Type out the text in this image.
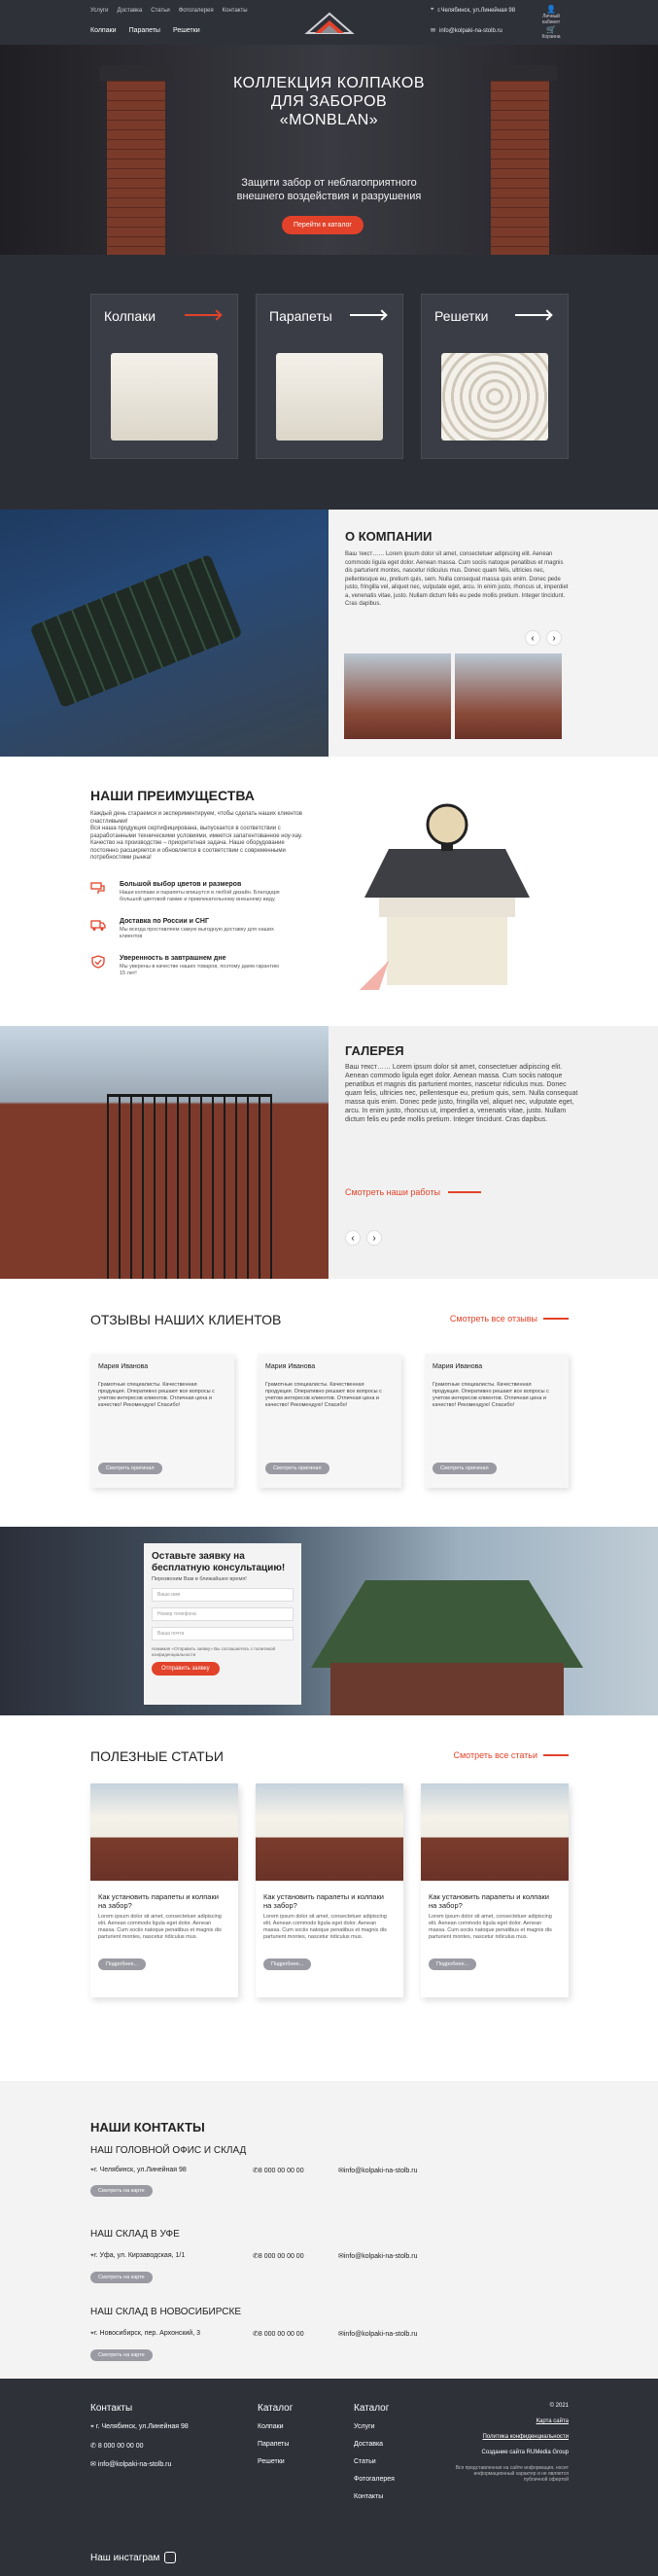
Услуги Доставка Статьи Фотогалерея Контакты
Колпаки Парапеты Решетки
⌖ г.Челябинск, ул.Линейная 98
✉ info@kolpaki-na-stolb.ru
👤
Личный кабинет
🛒
Корзина
КОЛЛЕКЦИЯ КОЛПАКОВ
ДЛЯ ЗАБОРОВ
«MONBLAN»
Защити забор от неблагоприятного
внешнего воздействия и разрушения
Перейти в каталог
Колпаки	Парапеты	Решетки
О КОМПАНИИ
Ваш текст…… Lorem ipsum dolor sit amet, consectetuer adipiscing elit. Aenean commodo ligula eget dolor. Aenean massa. Cum sociis natoque penatibus et magnis dis parturient montes, nascetur ridiculus mus. Donec quam felis, ultricies nec, pellentesque eu, pretium quis, sem. Nulla consequat massa quis enim. Donec pede justo, fringilla vel, aliquet nec, vulputate eget, arcu. In enim justo, rhoncus ut, imperdiet a, venenatis vitae, justo. Nullam dictum felis eu pede mollis pretium. Integer tincidunt. Cras dapibus.
‹	›
НАШИ ПРЕИМУЩЕСТВА
Каждый день стараемся и экспериментируем, чтобы сделать наших клиентов счастливыми!
Вся наша продукция сертифицирована, выпускается в соответствии с разработанными техническими условиями, имеется запатентованное ноу-хау. Качество на производстве – приоритетная задача. Наше оборудование постоянно расширяется и обновляется в соответствии с современными потребностями рынка!
Большой выбор цветов и размеров
Наши колпаки и парапеты впишутся в любой дизайн. Благодаря большой цветовой гамме и привлекательному внешнему виду.
Доставка по России и СНГ
Мы всегда проставляем самую выгодную доставку для наших клиентов
Уверенность в завтрашнем дне
Мы уверены в качестве наших товаров, поэтому даем гарантию 15 лет!
ГАЛЕРЕЯ
Ваш текст…… Lorem ipsum dolor sit amet, consectetuer adipiscing elit. Aenean commodo ligula eget dolor. Aenean massa. Cum sociis natoque penatibus et magnis dis parturient montes, nascetur ridiculus mus. Donec quam felis, ultricies nec, pellentesque eu, pretium quis, sem. Nulla consequat massa quis enim. Donec pede justo, fringilla vel, aliquet nec, vulputate eget, arcu. In enim justo, rhoncus ut, imperdiet a, venenatis vitae, justo. Nullam dictum felis eu pede mollis pretium. Integer tincidunt. Cras dapibus.
Смотреть наши работы
‹	›
ОТЗЫВЫ НАШИХ КЛИЕНТОВ	Смотреть все отзывы
Мария Иванова
Грамотные специалисты. Качественная продукция. Оперативно решают все вопросы с учетом интересов клиентов. Отличная цена и качество! Рекомендую! Спасибо!
Смотреть оригинал
Мария Иванова
Грамотные специалисты. Качественная продукция. Оперативно решают все вопросы с учетом интересов клиентов. Отличная цена и качество! Рекомендую! Спасибо!
Смотреть оригинал
Мария Иванова
Грамотные специалисты. Качественная продукция. Оперативно решают все вопросы с учетом интересов клиентов. Отличная цена и качество! Рекомендую! Спасибо!
Смотреть оригинал
Оставьте заявку на
бесплатную консультацию!
Перезвоним Вам в ближайшее время!
Ваше имя
Номер телефона
Ваша почта
Нажимая «Отправить заявку» Вы соглашаетесь с политикой конфиденциальности
Отправить заявку
ПОЛЕЗНЫЕ СТАТЬИ	Смотреть все статьи
Как установить парапеты и колпаки на забор?
Lorem ipsum dolor sit amet, consectetuer adipiscing elit. Aenean commodo ligula eget dolor. Aenean massa. Cum sociis natoque penatibus et magnis dis parturient montes, nascetur ridiculus mus.
Подробнее...
Как установить парапеты и колпаки на забор?
Lorem ipsum dolor sit amet, consectetuer adipiscing elit. Aenean commodo ligula eget dolor. Aenean massa. Cum sociis natoque penatibus et magnis dis parturient montes, nascetur ridiculus mus.
Подробнее...
Как установить парапеты и колпаки на забор?
Lorem ipsum dolor sit amet, consectetuer adipiscing elit. Aenean commodo ligula eget dolor. Aenean massa. Cum sociis natoque penatibus et magnis dis parturient montes, nascetur ridiculus mus.
Подробнее...
НАШИ КОНТАКТЫ
НАШ ГОЛОВНОЙ ОФИС И СКЛАД
⌖г. Челябинск, ул.Линейная 98	✆8 000 00 00 00	✉info@kolpaki-na-stolb.ru
Смотреть на карте
НАШ СКЛАД В УФЕ
⌖г. Уфа, ул. Кирзаводская, 1/1	✆8 000 00 00 00	✉info@kolpaki-na-stolb.ru
Смотреть на карте
НАШ СКЛАД В НОВОСИБИРСКЕ
⌖г. Новосибирск, пер. Архонский, 3	✆8 000 00 00 00	✉info@kolpaki-na-stolb.ru
Смотреть на карте
Контакты
⌖ г. Челябинск, ул.Линейная 98
✆ 8 000 00 00 00
✉ info@kolpaki-na-stolb.ru
Каталог
Колпаки
Парапеты
Решетки
Каталог
Услуги
Доставка
Статьи
Фотогалерея
Контакты
© 2021
Карта сайта
Политика конфиденциальности
Создание сайта RUMedia Group
Вся представленная на сайте информация, носит информационный характер и не является публичной офертой
Наш инстаграм
